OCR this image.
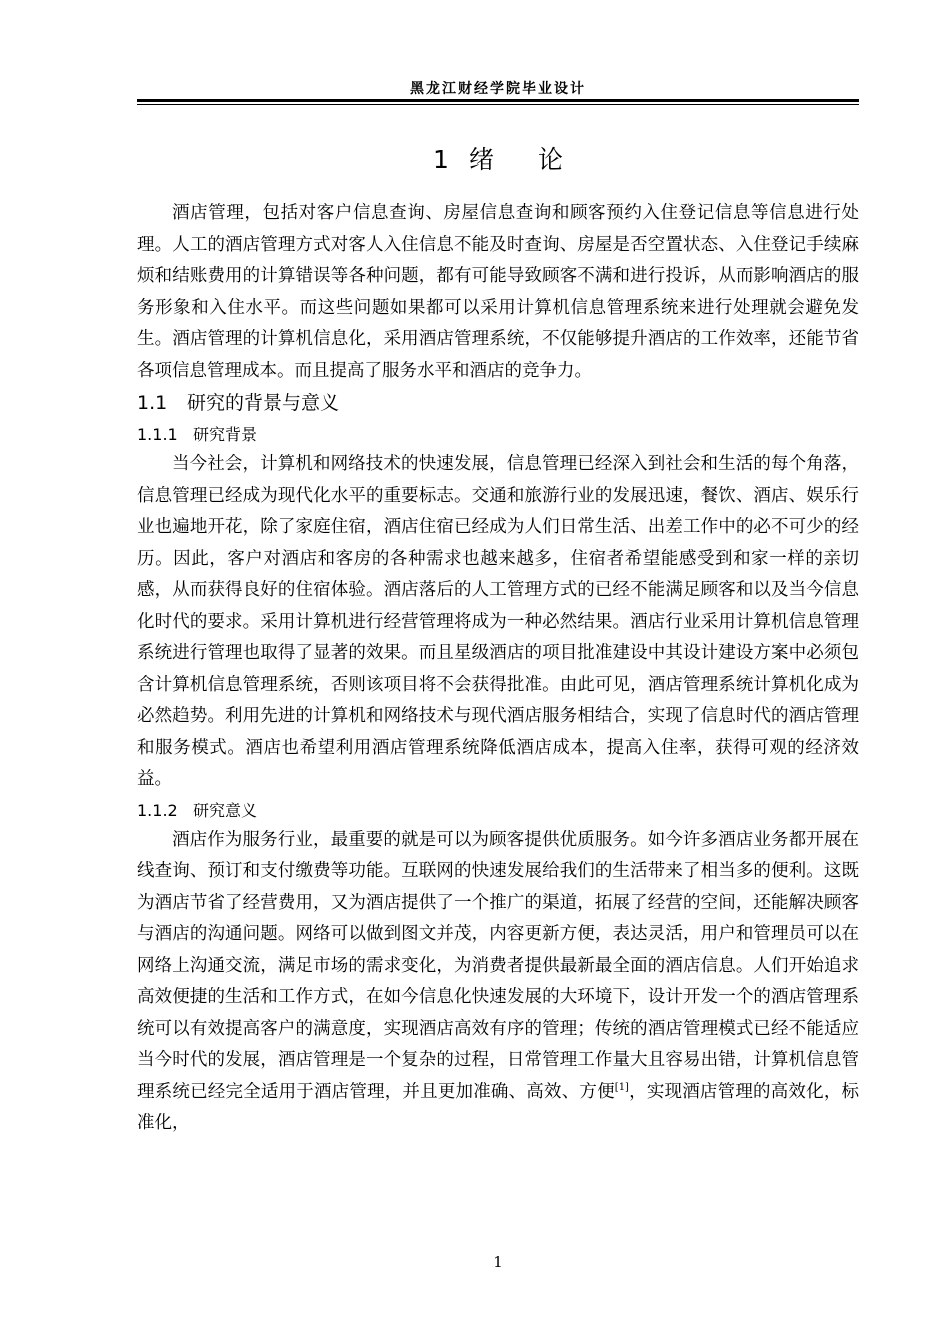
黑龙江财经学院毕业设计
1 绪 论

酒店管理，包括对客户信息查询、房屋信息查询和顾客预约入住登记信息等信息进行处理。人工的酒店管理方式对客人入住信息不能及时查询、房屋是否空置状态、入住登记手续麻烦和结账费用的计算错误等各种问题，都有可能导致顾客不满和进行投诉，从而影响酒店的服务形象和入住水平。而这些问题如果都可以采用计算机信息管理系统来进行处理就会避免发生。酒店管理的计算机信息化，采用酒店管理系统，不仅能够提升酒店的工作效率，还能节省各项信息管理成本。而且提高了服务水平和酒店的竞争力。

1.1 研究的背景与意义
1.1.1 研究背景

当今社会，计算机和网络技术的快速发展，信息管理已经深入到社会和生活的每个角落，信息管理已经成为现代化水平的重要标志。交通和旅游行业的发展迅速，餐饮、酒店、娱乐行业也遍地开花，除了家庭住宿，酒店住宿已经成为人们日常生活、出差工作中的必不可少的经历。因此，客户对酒店和客房的各种需求也越来越多，住宿者希望能感受到和家一样的亲切感，从而获得良好的住宿体验。酒店落后的人工管理方式的已经不能满足顾客和以及当今信息化时代的要求。采用计算机进行经营管理将成为一种必然结果。酒店行业采用计算机信息管理系统进行管理也取得了显著的效果。而且星级酒店的项目批准建设中其设计建设方案中必须包含计算机信息管理系统，否则该项目将不会获得批准。由此可见，酒店管理系统计算机化成为必然趋势。利用先进的计算机和网络技术与现代酒店服务相结合，实现了信息时代的酒店管理和服务模式。酒店也希望利用酒店管理系统降低酒店成本，提高入住率，获得可观的经济效益。

1.1.2 研究意义

酒店作为服务行业，最重要的就是可以为顾客提供优质服务。如今许多酒店业务都开展在线查询、预订和支付缴费等功能。互联网的快速发展给我们的生活带来了相当多的便利。这既为酒店节省了经营费用，又为酒店提供了一个推广的渠道，拓展了经营的空间，还能解决顾客与酒店的沟通问题。网络可以做到图文并茂，内容更新方便，表达灵活，用户和管理员可以在网络上沟通交流，满足市场的需求变化，为消费者提供最新最全面的酒店信息。人们开始追求高效便捷的生活和工作方式，在如今信息化快速发展的大环境下，设计开发一个的酒店管理系统可以有效提高客户的满意度，实现酒店高效有序的管理；传统的酒店管理模式已经不能适应当今时代的发展，酒店管理是一个复杂的过程，日常管理工作量大且容易出错，计算机信息管理系统已经完全适用于酒店管理，并且更加准确、高效、方便[1]，实现酒店管理的高效化，标准化，

1
